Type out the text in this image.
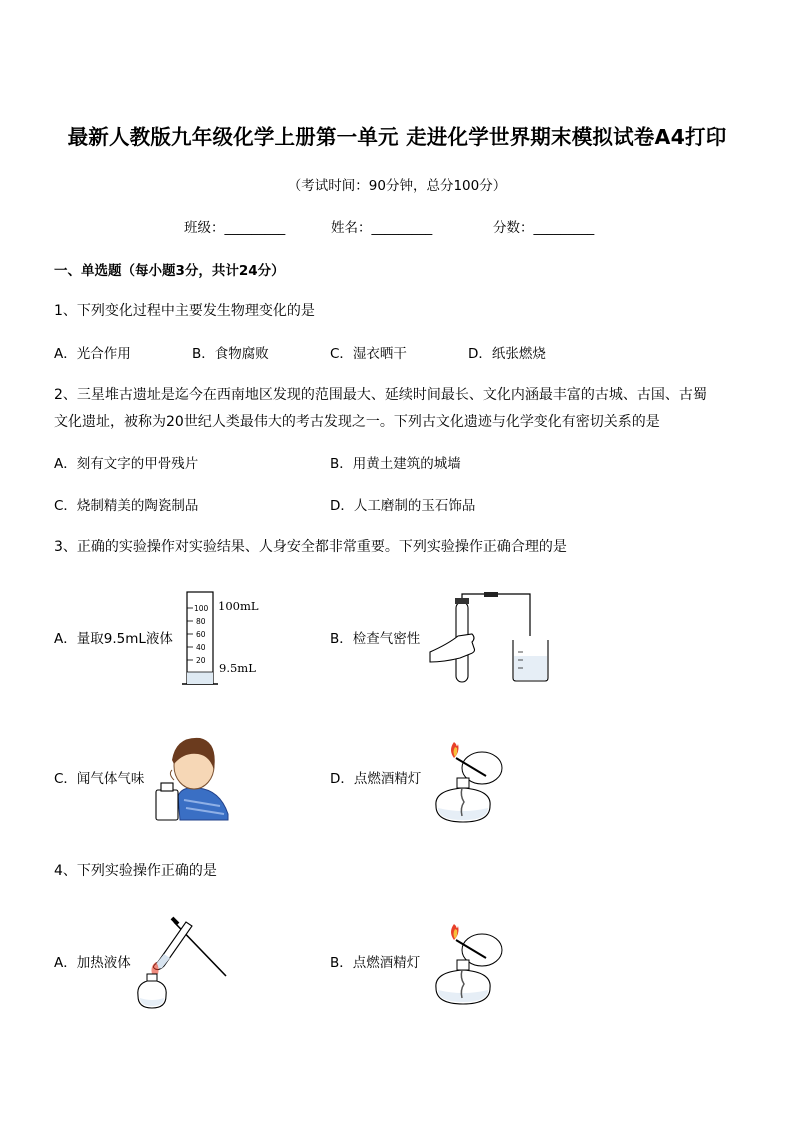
最新人教版九年级化学上册第一单元 走进化学世界期末模拟试卷A4打印
（考试时间：90分钟，总分100分）
班级：_________	姓名：_________	分数：_________
一、单选题（每小题3分，共计24分）
1、下列变化过程中主要发生物理变化的是
A．光合作用	B．食物腐败	C．湿衣晒干	D．纸张燃烧
2、三星堆古遗址是迄今在西南地区发现的范围最大、延续时间最长、文化内涵最丰富的古城、古国、古蜀
文化遗址，被称为20世纪人类最伟大的考古发现之一。下列古文化遗迹与化学变化有密切关系的是
A．刻有文字的甲骨残片	B．用黄土建筑的城墙
C．烧制精美的陶瓷制品	D．人工磨制的玉石饰品
3、正确的实验操作对实验结果、人身安全都非常重要。下列实验操作正确合理的是
A．量取9.5mL液体	B．检查气密性
C．闻气体气味	D．点燃酒精灯
100
80
60
40
20
100mL
9.5mL
4、下列实验操作正确的是
A．加热液体	B．点燃酒精灯
